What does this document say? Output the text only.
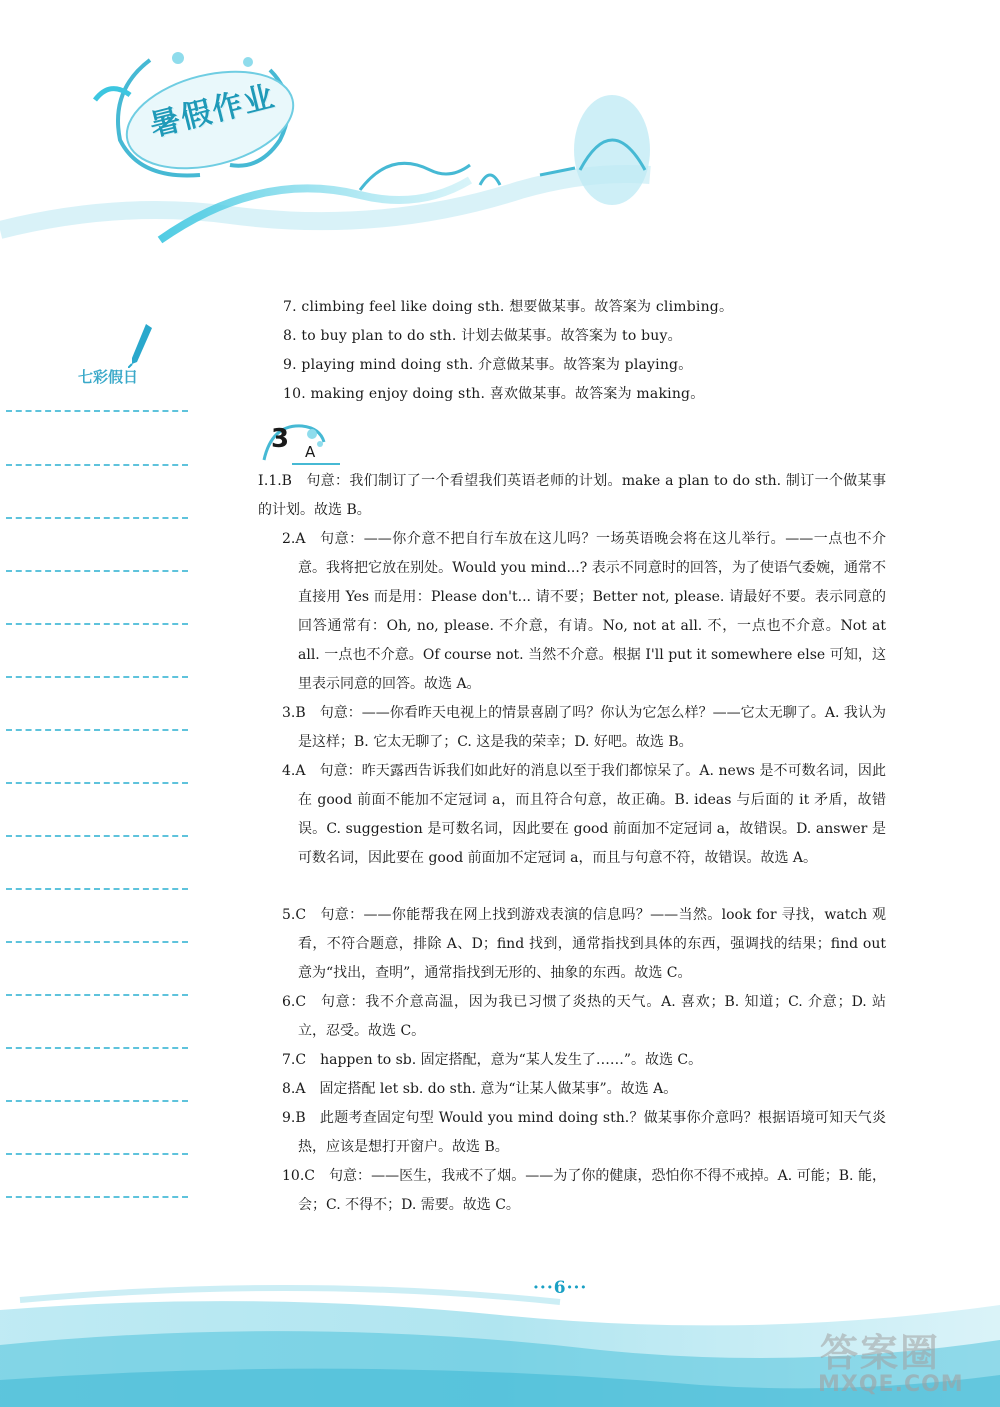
暑假作业
七彩假日
7. climbing feel like doing sth. 想要做某事。故答案为 climbing。
8. to buy plan to do sth. 计划去做某事。故答案为 to buy。
9. playing mind doing sth. 介意做某事。故答案为 playing。
10. making enjoy doing sth. 喜欢做某事。故答案为 making。
3 A
Ⅰ.1.B 句意：我们制订了一个看望我们英语老师的计划。make a plan to do sth. 制订一个做某事的计划。故选 B。
2.A 句意：——你介意不把自行车放在这儿吗？一场英语晚会将在这儿举行。——一点也不介意。我将把它放在别处。Would you mind...? 表示不同意时的回答，为了使语气委婉，通常不直接用 Yes 而是用：Please don't... 请不要；Better not, please. 请最好不要。表示同意的回答通常有：Oh, no, please. 不介意，有请。No, not at all. 不，一点也不介意。Not at all. 一点也不介意。Of course not. 当然不介意。根据 I'll put it somewhere else 可知，这里表示同意的回答。故选 A。
3.B 句意：——你看昨天电视上的情景喜剧了吗？你认为它怎么样？——它太无聊了。A. 我认为是这样；B. 它太无聊了；C. 这是我的荣幸；D. 好吧。故选 B。
4.A 句意：昨天露西告诉我们如此好的消息以至于我们都惊呆了。A. news 是不可数名词，因此在 good 前面不能加不定冠词 a，而且符合句意，故正确。B. ideas 与后面的 it 矛盾，故错误。C. suggestion 是可数名词，因此要在 good 前面加不定冠词 a，故错误。D. answer 是可数名词，因此要在 good 前面加不定冠词 a，而且与句意不符，故错误。故选 A。
5.C 句意：——你能帮我在网上找到游戏表演的信息吗？——当然。look for 寻找，watch 观看，不符合题意，排除 A、D；find 找到，通常指找到具体的东西，强调找的结果；find out 意为“找出，查明”，通常指找到无形的、抽象的东西。故选 C。
6.C 句意：我不介意高温，因为我已习惯了炎热的天气。A. 喜欢；B. 知道；C. 介意；D. 站立，忍受。故选 C。
7.C happen to sb. 固定搭配，意为“某人发生了……”。故选 C。
8.A 固定搭配 let sb. do sth. 意为“让某人做某事”。故选 A。
9.B 此题考查固定句型 Would you mind doing sth.？做某事你介意吗？根据语境可知天气炎热，应该是想打开窗户。故选 B。
10.C 句意：——医生，我戒不了烟。——为了你的健康，恐怕你不得不戒掉。A. 可能；B. 能，会；C. 不得不；D. 需要。故选 C。
···6···
答案圈
MXQE.COM
